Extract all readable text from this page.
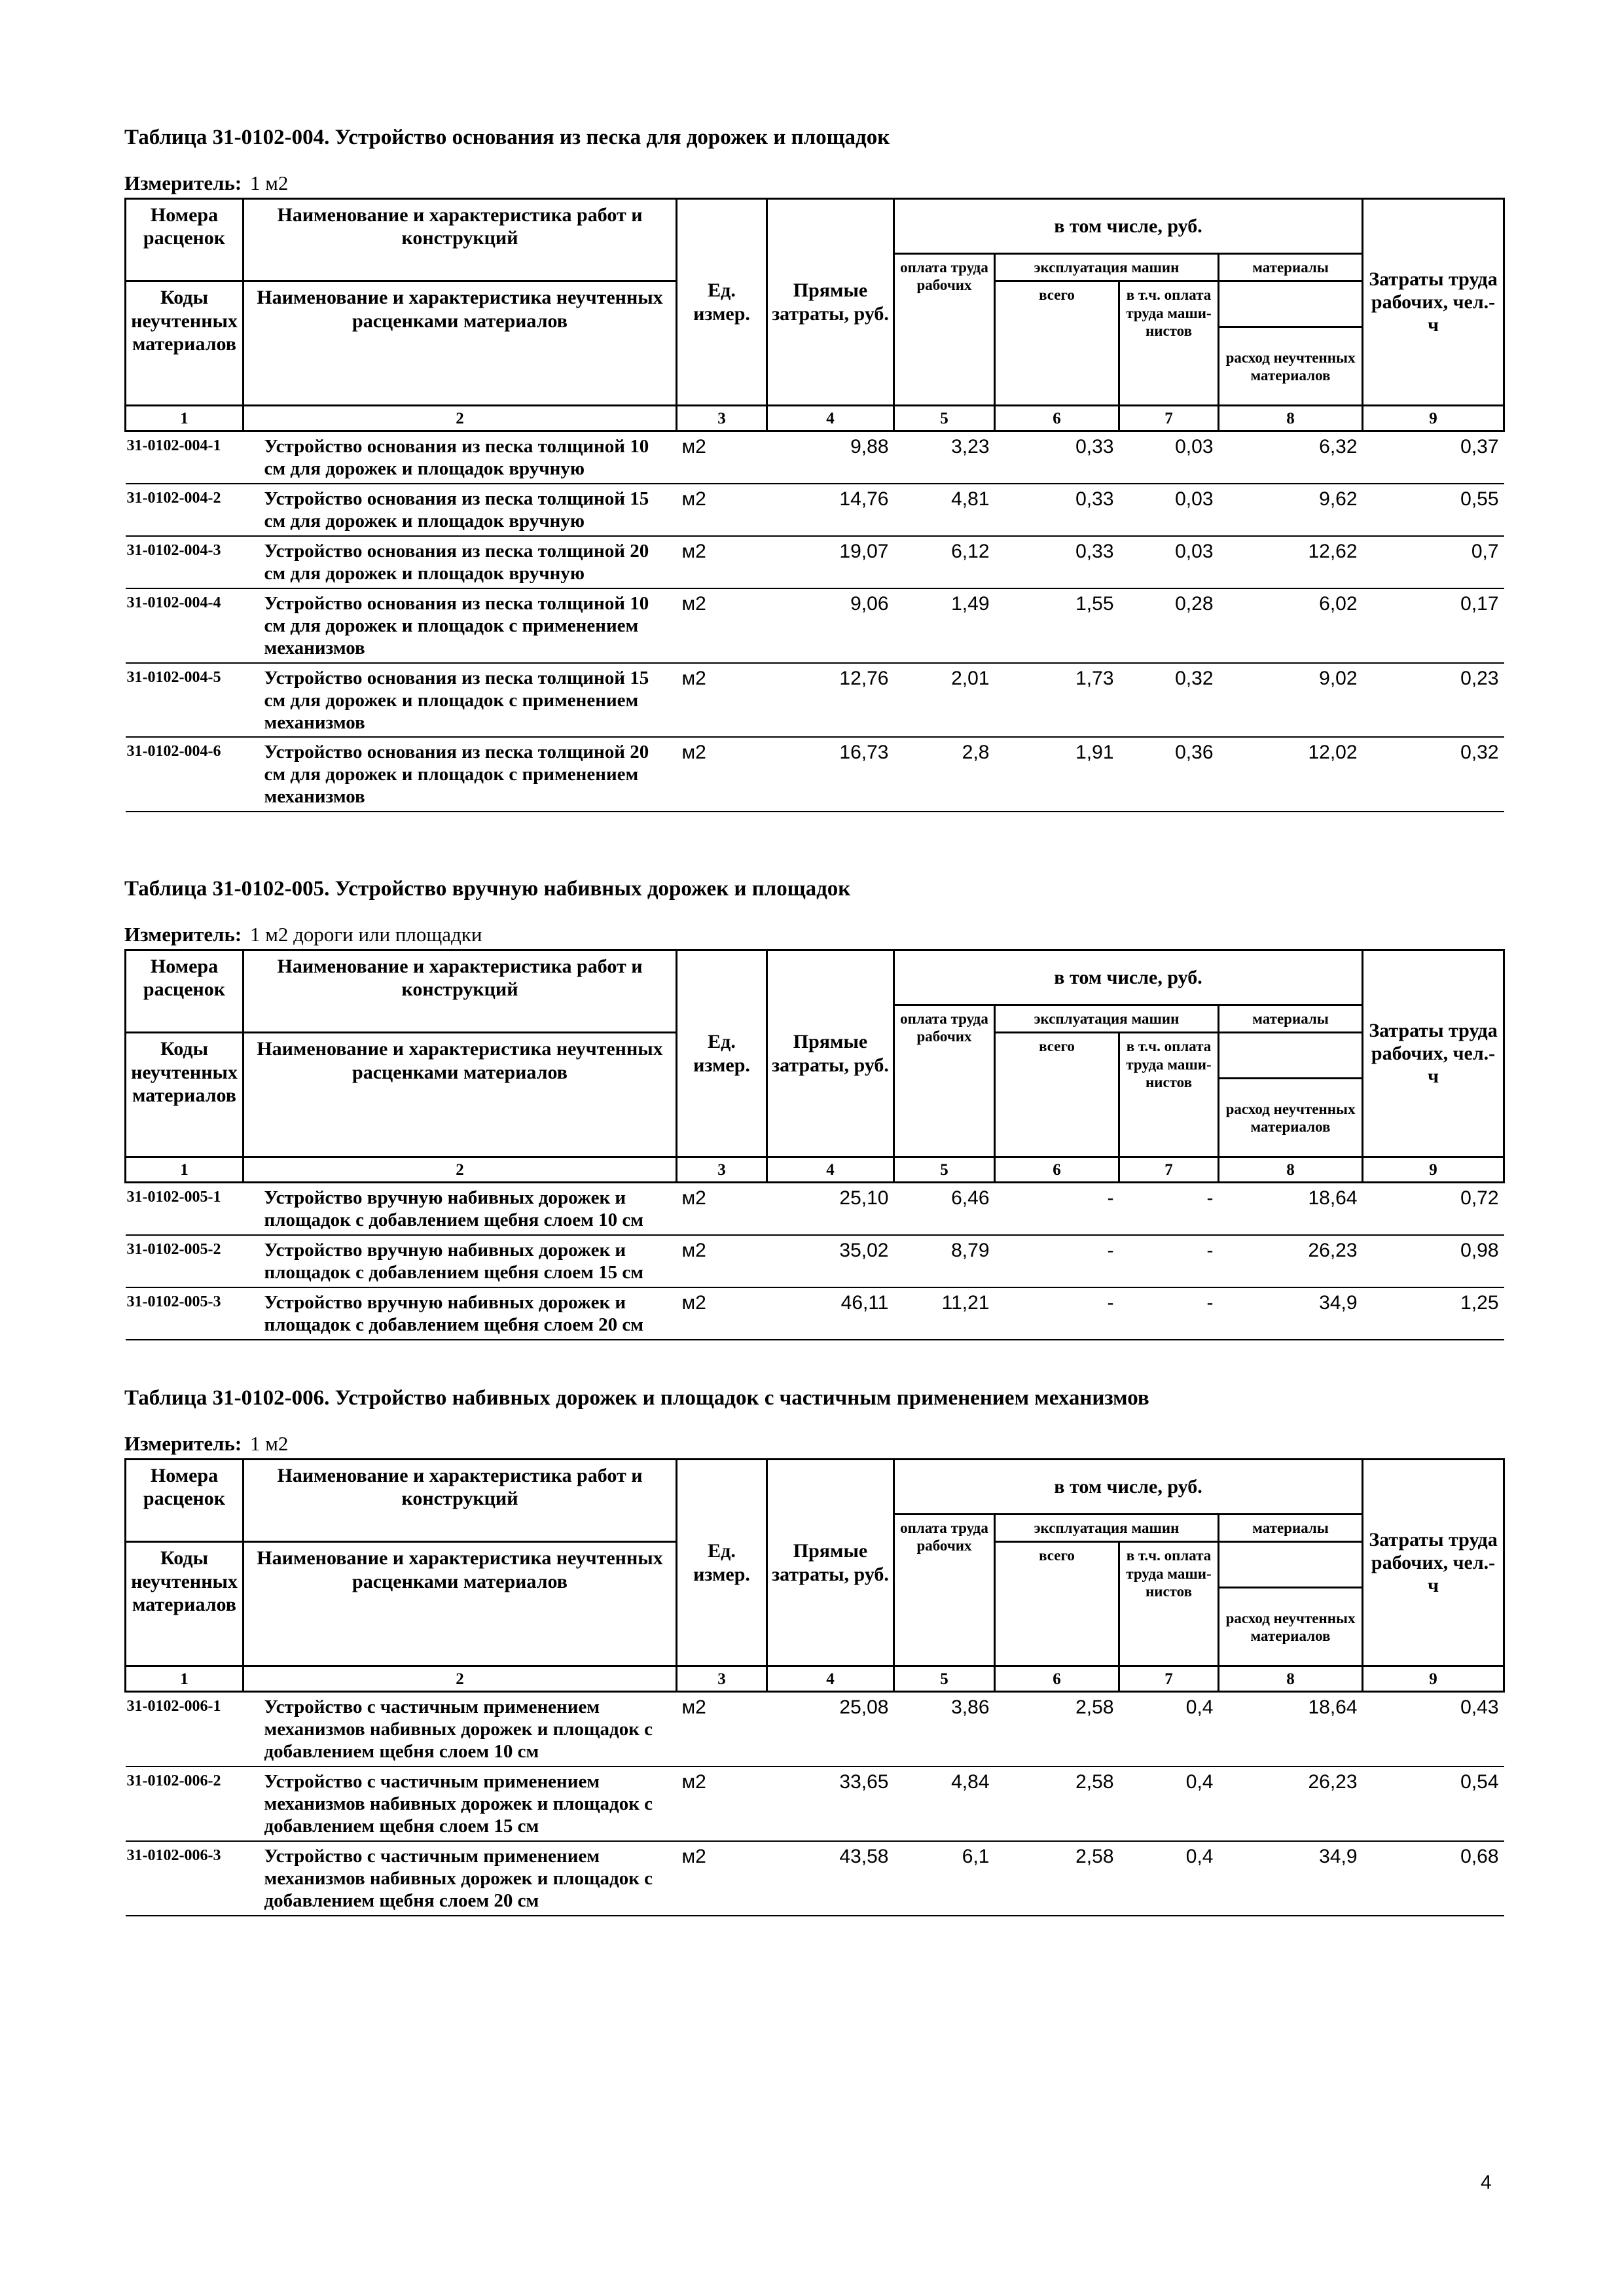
Таблица 31-0102-004. Устройство основания из песка для дорожек и площадок
Измеритель: 1 м2
Номера расценок	Наименование и характеристика работ и конструкций	Ед. измер.	Прямые затраты, руб.	в том числе, руб.				Затраты труда рабочих, чел.-ч
				оплата труда рабочих	эксплуатация машин		материалы	
Коды неучтенных материалов	Наименование и характеристика неучтенных расценками материалов				всего	в т.ч. оплата труда маши- нистов		
							расход неучтенных материалов	
1	2	3	4	5	6	7	8	9
31-0102-004-1	Устройство основания из песка толщиной 10 см для дорожек и площадок вручную	м2	9,88	3,23	0,33	0,03	6,32	0,37
31-0102-004-2	Устройство основания из песка толщиной 15 см для дорожек и площадок вручную	м2	14,76	4,81	0,33	0,03	9,62	0,55
31-0102-004-3	Устройство основания из песка толщиной 20 см для дорожек и площадок вручную	м2	19,07	6,12	0,33	0,03	12,62	0,7
31-0102-004-4	Устройство основания из песка толщиной 10 см для дорожек и площадок с применением механизмов	м2	9,06	1,49	1,55	0,28	6,02	0,17
31-0102-004-5	Устройство основания из песка толщиной 15 см для дорожек и площадок с применением механизмов	м2	12,76	2,01	1,73	0,32	9,02	0,23
31-0102-004-6	Устройство основания из песка толщиной 20 см для дорожек и площадок с применением механизмов	м2	16,73	2,8	1,91	0,36	12,02	0,32
Таблица 31-0102-005. Устройство вручную набивных дорожек и площадок
Измеритель: 1 м2 дороги или площадки
Номера расценок	Наименование и характеристика работ и конструкций	Ед. измер.	Прямые затраты, руб.	в том числе, руб.				Затраты труда рабочих, чел.-ч
				оплата труда рабочих	эксплуатация машин		материалы	
Коды неучтенных материалов	Наименование и характеристика неучтенных расценками материалов				всего	в т.ч. оплата труда маши- нистов		
							расход неучтенных материалов	
1	2	3	4	5	6	7	8	9
31-0102-005-1	Устройство вручную набивных дорожек и площадок с добавлением щебня слоем 10 см	м2	25,10	6,46	-	-	18,64	0,72
31-0102-005-2	Устройство вручную набивных дорожек и площадок с добавлением щебня слоем 15 см	м2	35,02	8,79	-	-	26,23	0,98
31-0102-005-3	Устройство вручную набивных дорожек и площадок с добавлением щебня слоем 20 см	м2	46,11	11,21	-	-	34,9	1,25
Таблица 31-0102-006. Устройство набивных дорожек и площадок с частичным применением механизмов
Измеритель: 1 м2
Номера расценок	Наименование и характеристика работ и конструкций	Ед. измер.	Прямые затраты, руб.	в том числе, руб.				Затраты труда рабочих, чел.-ч
				оплата труда рабочих	эксплуатация машин		материалы	
Коды неучтенных материалов	Наименование и характеристика неучтенных расценками материалов				всего	в т.ч. оплата труда маши- нистов		
							расход неучтенных материалов	
1	2	3	4	5	6	7	8	9
31-0102-006-1	Устройство с частичным применением механизмов набивных дорожек и площадок с добавлением щебня слоем 10 см	м2	25,08	3,86	2,58	0,4	18,64	0,43
31-0102-006-2	Устройство с частичным применением механизмов набивных дорожек и площадок с добавлением щебня слоем 15 см	м2	33,65	4,84	2,58	0,4	26,23	0,54
31-0102-006-3	Устройство с частичным применением механизмов набивных дорожек и площадок с добавлением щебня слоем 20 см	м2	43,58	6,1	2,58	0,4	34,9	0,68
4
